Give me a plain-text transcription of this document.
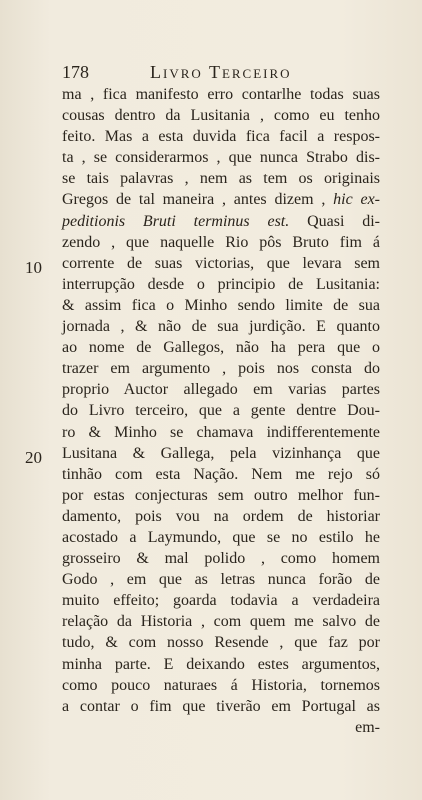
178	Livro Terceiro
10
20
ma , fica manifesto erro contarlhe todas suas
cousas dentro da Lusitania , como eu tenho
feito. Mas a esta duvida fica facil a respos-
ta , se considerarmos , que nunca Strabo dis-
se tais palavras , nem as tem os originais
Gregos de tal maneira , antes dizem , hic ex-
peditionis Bruti terminus est. Quasi di-
zendo , que naquelle Rio pôs Bruto fim á
corrente de suas victorias, que levara sem
interrupção desde o principio de Lusitania:
& assim fica o Minho sendo limite de sua
jornada , & não de sua jurdição. E quanto
ao nome de Gallegos, não ha pera que o
trazer em argumento , pois nos consta do
proprio Auctor allegado em varias partes
do Livro terceiro, que a gente dentre Dou-
ro & Minho se chamava indifferentemente
Lusitana & Gallega, pela vizinhança que
tinhão com esta Nação. Nem me rejo só
por estas conjecturas sem outro melhor fun-
damento, pois vou na ordem de historiar
acostado a Laymundo, que se no estilo he
grosseiro & mal polido , como homem
Godo , em que as letras nunca forão de
muito effeito; goarda todavia a verdadeira
relação da Historia , com quem me salvo de
tudo, & com nosso Resende , que faz por
minha parte. E deixando estes argumentos,
como pouco naturaes á Historia, tornemos
a contar o fim que tiverão em Portugal as
em-
